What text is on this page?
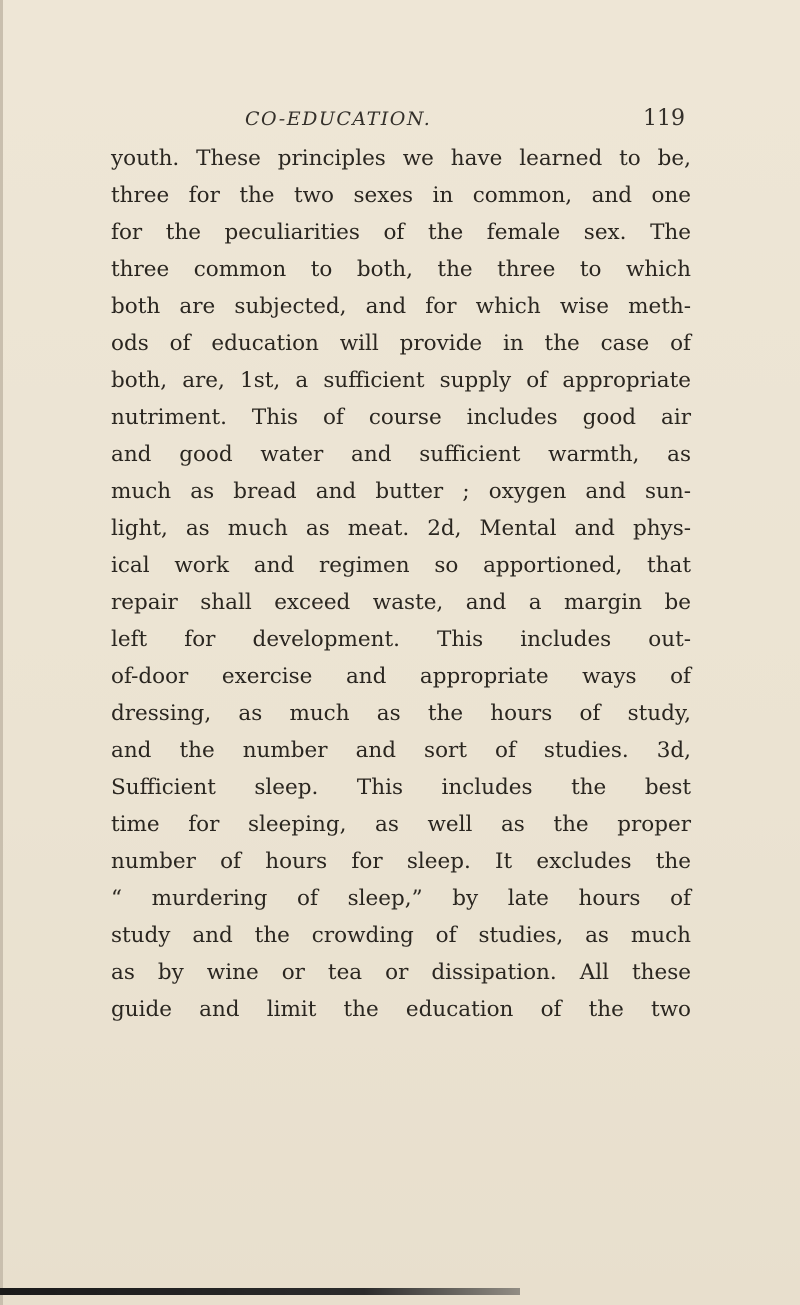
CO-EDUCATION.	119
youth. These principles we have learned to be,
three for the two sexes in common, and one
for the peculiarities of the female sex. The
three common to both, the three to which
both are subjected, and for which wise meth-
ods of education will provide in the case of
both, are, 1st, a sufficient supply of appropriate
nutriment. This of course includes good air
and good water and sufficient warmth, as
much as bread and butter ; oxygen and sun-
light, as much as meat. 2d, Mental and phys-
ical work and regimen so apportioned, that
repair shall exceed waste, and a margin be
left for development. This includes out-
of-door exercise and appropriate ways of
dressing, as much as the hours of study,
and the number and sort of studies. 3d,
Sufficient sleep. This includes the best
time for sleeping, as well as the proper
number of hours for sleep. It excludes the
“ murdering of sleep,” by late hours of
study and the crowding of studies, as much
as by wine or tea or dissipation. All these
guide and limit the education of the two
